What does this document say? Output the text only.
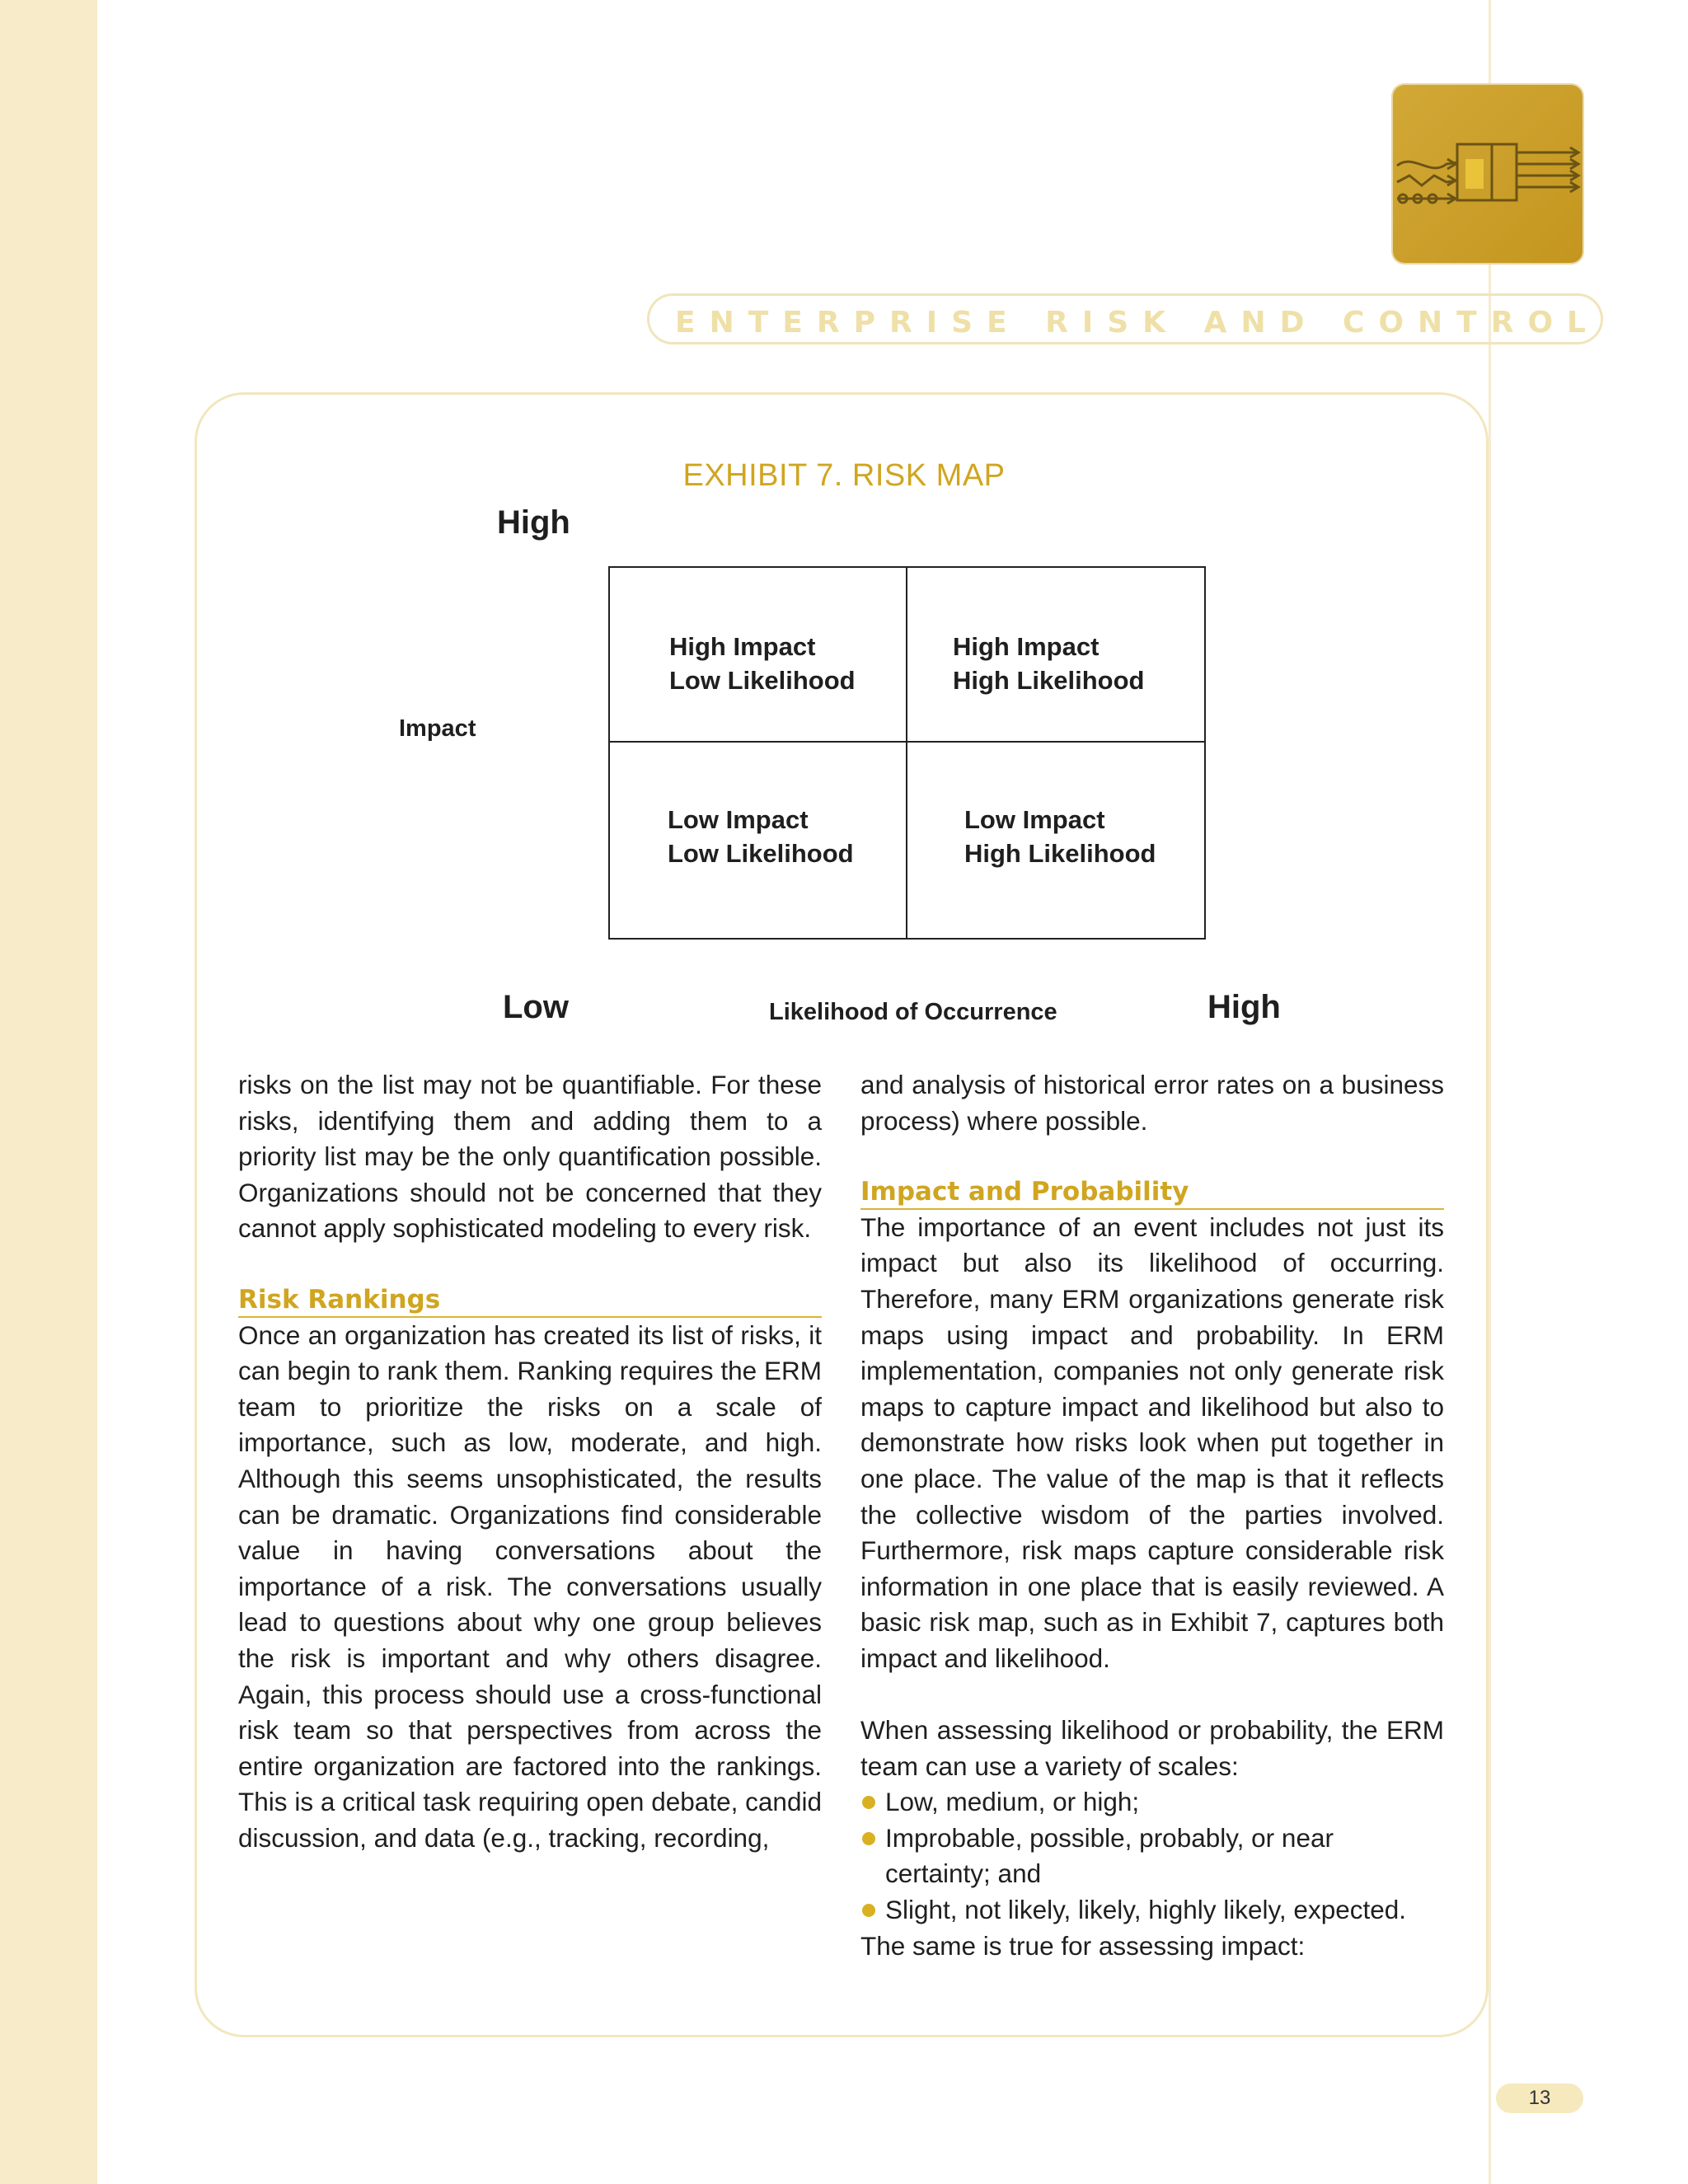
ENTERPRISE RISK AND CONTROL
EXHIBIT 7. RISK MAP
High
Impact
High Impact
Low Likelihood
High Impact
High Likelihood
Low Impact
Low Likelihood
Low Impact
High Likelihood
Low	Likelihood of Occurrence	High

risks on the list may not be quantifiable. For these risks, identifying them and adding them to a priority list may be the only quantification possible. Organizations should not be concerned that they cannot apply sophisticated modeling to every risk.

Risk Rankings

Once an organization has created its list of risks, it can begin to rank them. Ranking requires the ERM team to prioritize the risks on a scale of importance, such as low, moderate, and high. Although this seems unsophisticated, the results can be dramatic. Organizations find considerable value in having conversations about the importance of a risk. The conversations usually lead to questions about why one group believes the risk is important and why others disagree. Again, this process should use a cross-functional risk team so that perspectives from across the entire organization are factored into the rankings. This is a critical task requiring open debate, candid discussion, and data (e.g., tracking, recording,

and analysis of historical error rates on a business process) where possible.

Impact and Probability

The importance of an event includes not just its impact but also its likelihood of occurring. Therefore, many ERM organizations generate risk maps using impact and probability. In ERM implementation, companies not only generate risk maps to capture impact and likelihood but also to demonstrate how risks look when put together in one place. The value of the map is that it reflects the collective wisdom of the parties involved. Furthermore, risk maps capture considerable risk information in one place that is easily reviewed. A basic risk map, such as in Exhibit 7, captures both impact and likelihood.

When assessing likelihood or probability, the ERM team can use a variety of scales:

Low, medium, or high;

Improbable, possible, probably, or near certainty; and

Slight, not likely, likely, highly likely, expected.

The same is true for assessing impact:

13
